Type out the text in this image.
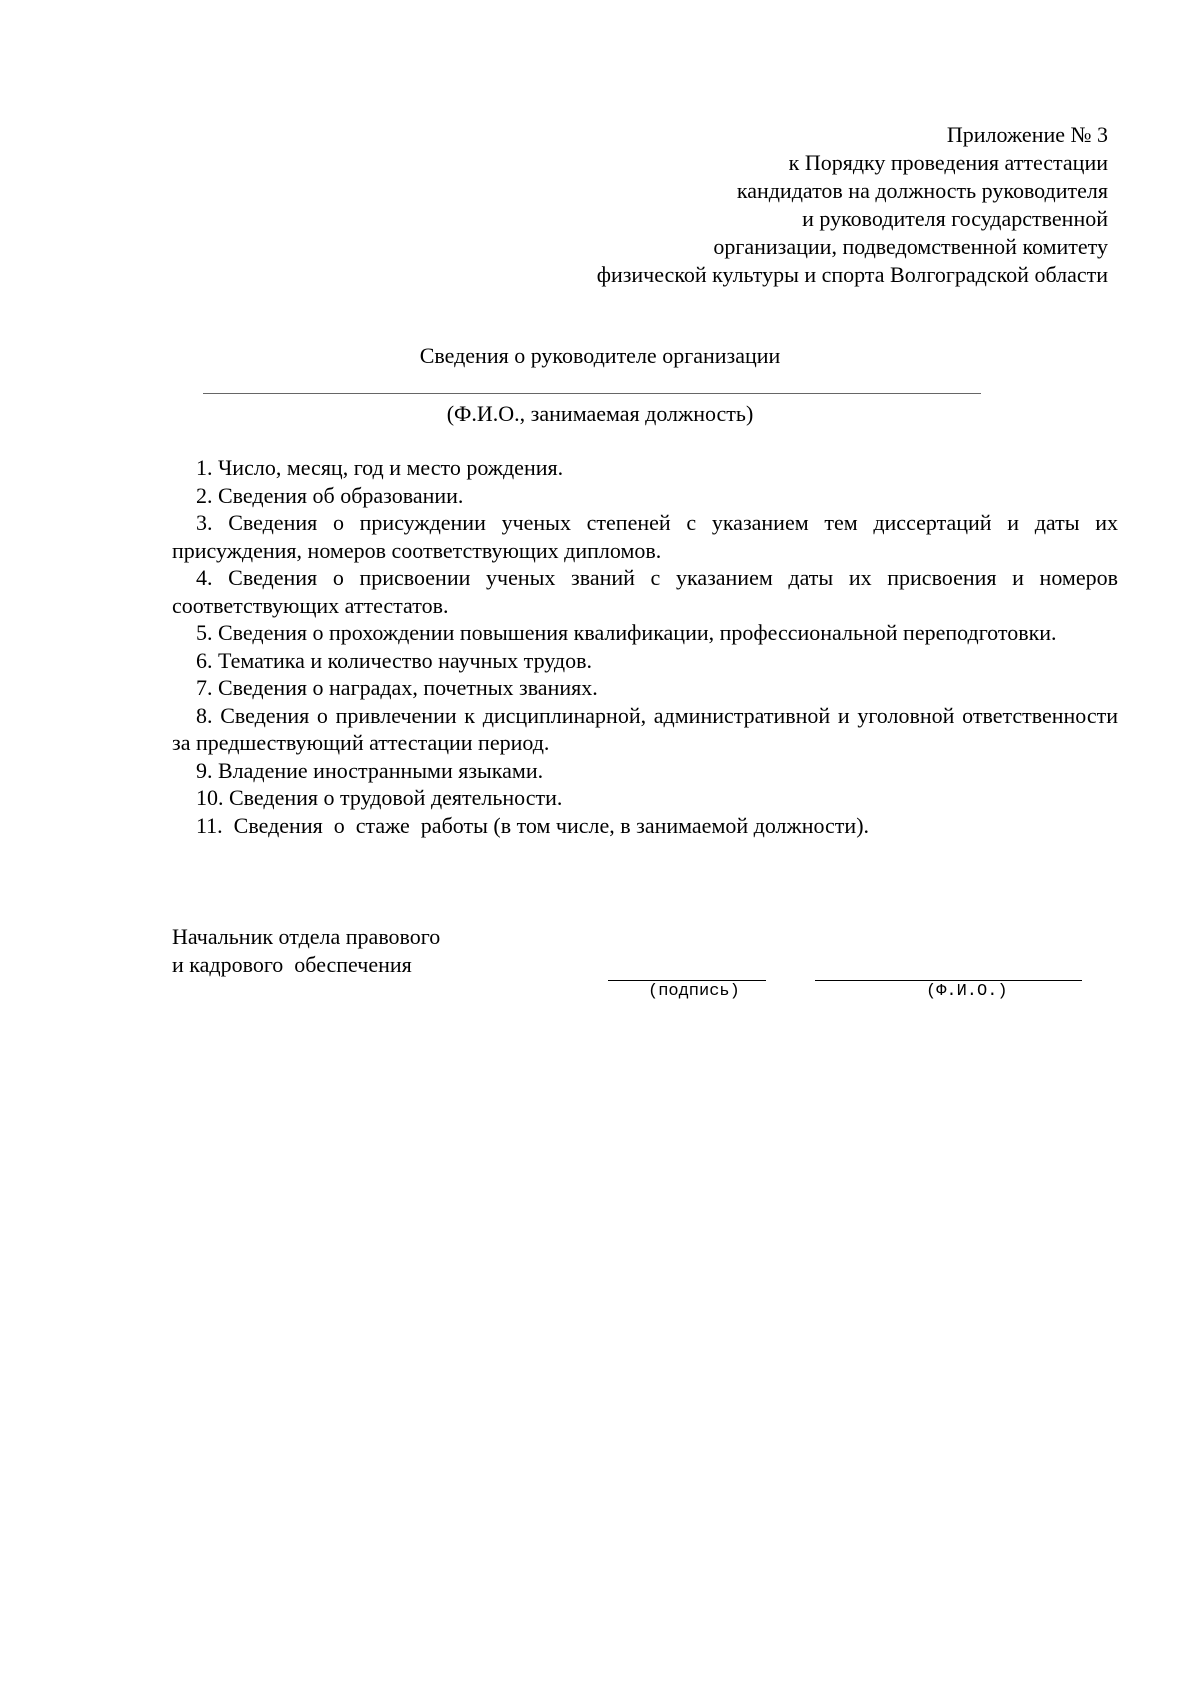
Приложение № 3
к Порядку проведения аттестации
кандидатов на должность руководителя
и руководителя государственной
организации, подведомственной комитету
физической культуры и спорта Волгоградской области
Сведения о руководителе организации
(Ф.И.О., занимаемая должность)

1. Число, месяц, год и место рождения.

2. Сведения об образовании.

3. Сведения о присуждении ученых степеней с указанием тем диссертаций и даты их присуждения, номеров соответствующих дипломов.

4. Сведения о присвоении ученых званий с указанием даты их присвоения и номеров соответствующих аттестатов.

5. Сведения о прохождении повышения квалификации, профессиональной переподготовки.

6. Тематика и количество научных трудов.

7. Сведения о наградах, почетных званиях.

8. Сведения о привлечении к дисциплинарной, административной и уголовной ответственности за предшествующий аттестации период.

9. Владение иностранными языками.

10. Сведения о трудовой деятельности.

11.  Сведения  о  стаже  работы (в том числе, в занимаемой должности).

Начальник отдела правового
и кадрового  обеспечения
(подпись)	(Ф.И.О.)
